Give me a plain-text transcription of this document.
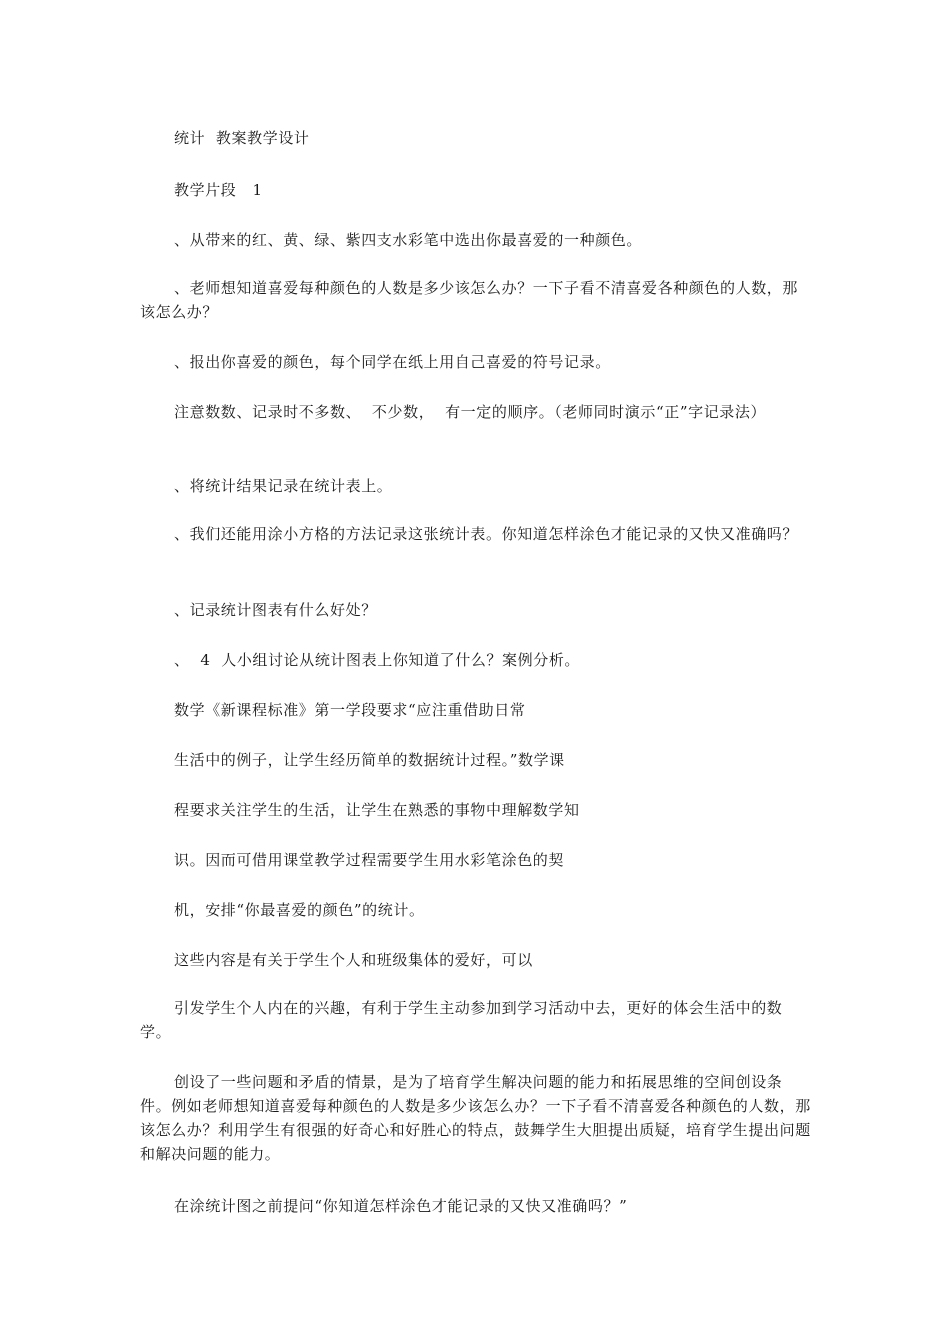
统计  教案教学设计

教学片段   1

、从带来的红、黄、绿、紫四支水彩笔中选出你最喜爱的一种颜色。

、老师想知道喜爱每种颜色的人数是多少该怎么办？一下子看不清喜爱各种颜色的人数，那该怎么办？

、报出你喜爱的颜色，每个同学在纸上用自己喜爱的符号记录。

注意数数、记录时不多数、  不少数，  有一定的顺序。（老师同时演示“正”字记录法）

、将统计结果记录在统计表上。

、我们还能用涂小方格的方法记录这张统计表。你知道怎样涂色才能记录的又快又准确吗？

、记录统计图表有什么好处？

、  4  人小组讨论从统计图表上你知道了什么？案例分析。

数学《新课程标准》第一学段要求“应注重借助日常

生活中的例子，让学生经历简单的数据统计过程。”数学课

程要求关注学生的生活，让学生在熟悉的事物中理解数学知

识。因而可借用课堂教学过程需要学生用水彩笔涂色的契

机，安排“你最喜爱的颜色”的统计。

这些内容是有关于学生个人和班级集体的爱好，可以

引发学生个人内在的兴趣，有利于学生主动参加到学习活动中去，更好的体会生活中的数学。

创设了一些问题和矛盾的情景，是为了培育学生解决问题的能力和拓展思维的空间创设条件。例如老师想知道喜爱每种颜色的人数是多少该怎么办？一下子看不清喜爱各种颜色的人数，那该怎么办？利用学生有很强的好奇心和好胜心的特点，鼓舞学生大胆提出质疑，培育学生提出问题和解决问题的能力。

在涂统计图之前提问“你知道怎样涂色才能记录的又快又准确吗？”
